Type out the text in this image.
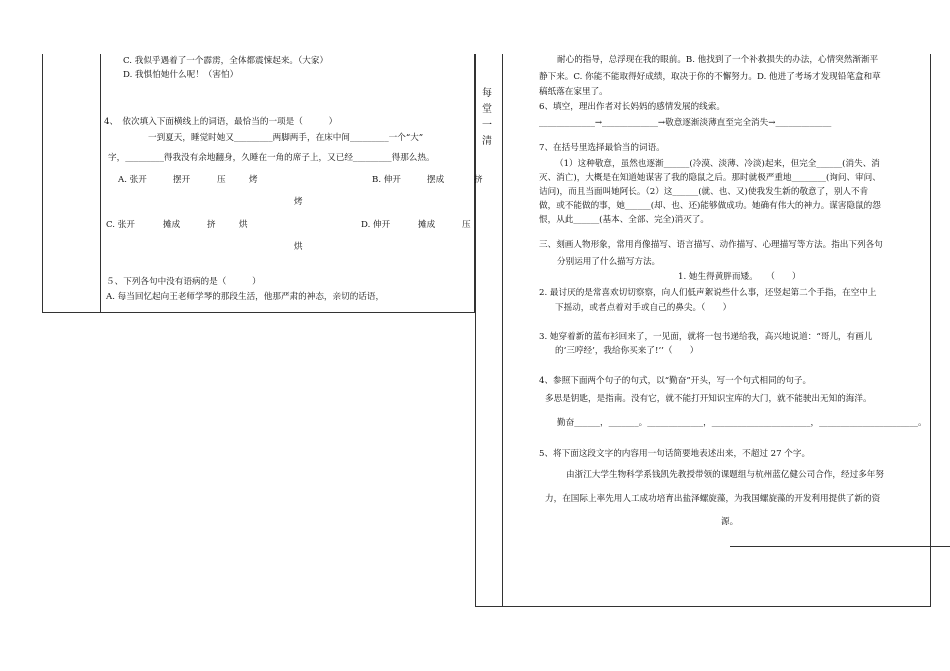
C. 我似乎遇着了一个霹雳，全体都震悚起来。（大家）
D. 我惧怕她什么呢！（害怕）
4、　依次填入下面横线上的词语，最恰当的一项是（　　　）
一到夏天，睡觉时她又_________两脚两手，在床中间_________一个“大”
字，_________得我没有余地翻身，久睡在一角的席子上，又已经_________得那么热。
A. 张开	摆开	压	烤	B. 伸开	摆成	挤
烤
C. 张开	摊成	挤	烘	D. 伸开	摊成	压
烘
５、下列各句中没有语病的是（　　　）
A. 每当回忆起向王老师学琴的那段生活，他那严肃的神态，亲切的话语，
每
堂
一
清
耐心的指导，总浮现在我的眼前。B. 他找到了一个补救损失的办法，心情突然渐渐平
静下来。C. 你能不能取得好成绩，取决于你的不懈努力。D. 他进了考场才发现铅笔盒和草
稿纸落在家里了。
6、填空，理出作者对长妈妈的感情发展的线索。
_____________→_____________→敬意逐渐淡薄直至完全消失→_____________
7、在括号里选择最恰当的词语。
（1）这种敬意，虽然也逐渐______(冷漠、淡薄、冷淡)起来，但完全______(消失、消
灭、消亡)，大概是在知道她谋害了我的隐鼠之后。那时就极严重地________(询问、审问、
诘问)，而且当面叫她阿长。（2）这______(就、也、又)使我发生新的敬意了，别人不肯
做，或不能做的事，她______(却、也、还)能够做成功。她确有伟大的神力。谋害隐鼠的怨
恨，从此______(基本、全部、完全)消灭了。
三、刻画人物形象，常用肖像描写、语言描写、动作描写、心理描写等方法。指出下列各句
分别运用了什么描写方法。
1. 她生得黄胖而矮。　　（　　）
2. 最讨厌的是常喜欢切切察察，向人们低声絮说些什么事，还竖起第二个手指，在空中上
下摇动，或者点着对手或自己的鼻尖。（　　）
3. 她穿着新的蓝布衫回来了，一见面，就将一包书递给我，高兴地说道：“哥儿，有画儿
的‘三哼经’，我给你买来了!’’（　　）
4、参照下面两个句子的句式，以“勤奋”开头，写一个句式相同的句子。
多思是钥匙，是指南。没有它，就不能打开知识宝库的大门，就不能驶出无知的海洋。
勤奋______，_______。_____________，_______________________，_______________________。
5、将下面这段文字的内容用一句话简要地表述出来，不超过 27 个字。
由浙江大学生物科学系钱凯先教授带领的课题组与杭州蓝亿健公司合作，经过多年努
力，在国际上率先用人工成功培育出盐泽螺旋藻，为我国螺旋藻的开发利用提供了新的资
源。
